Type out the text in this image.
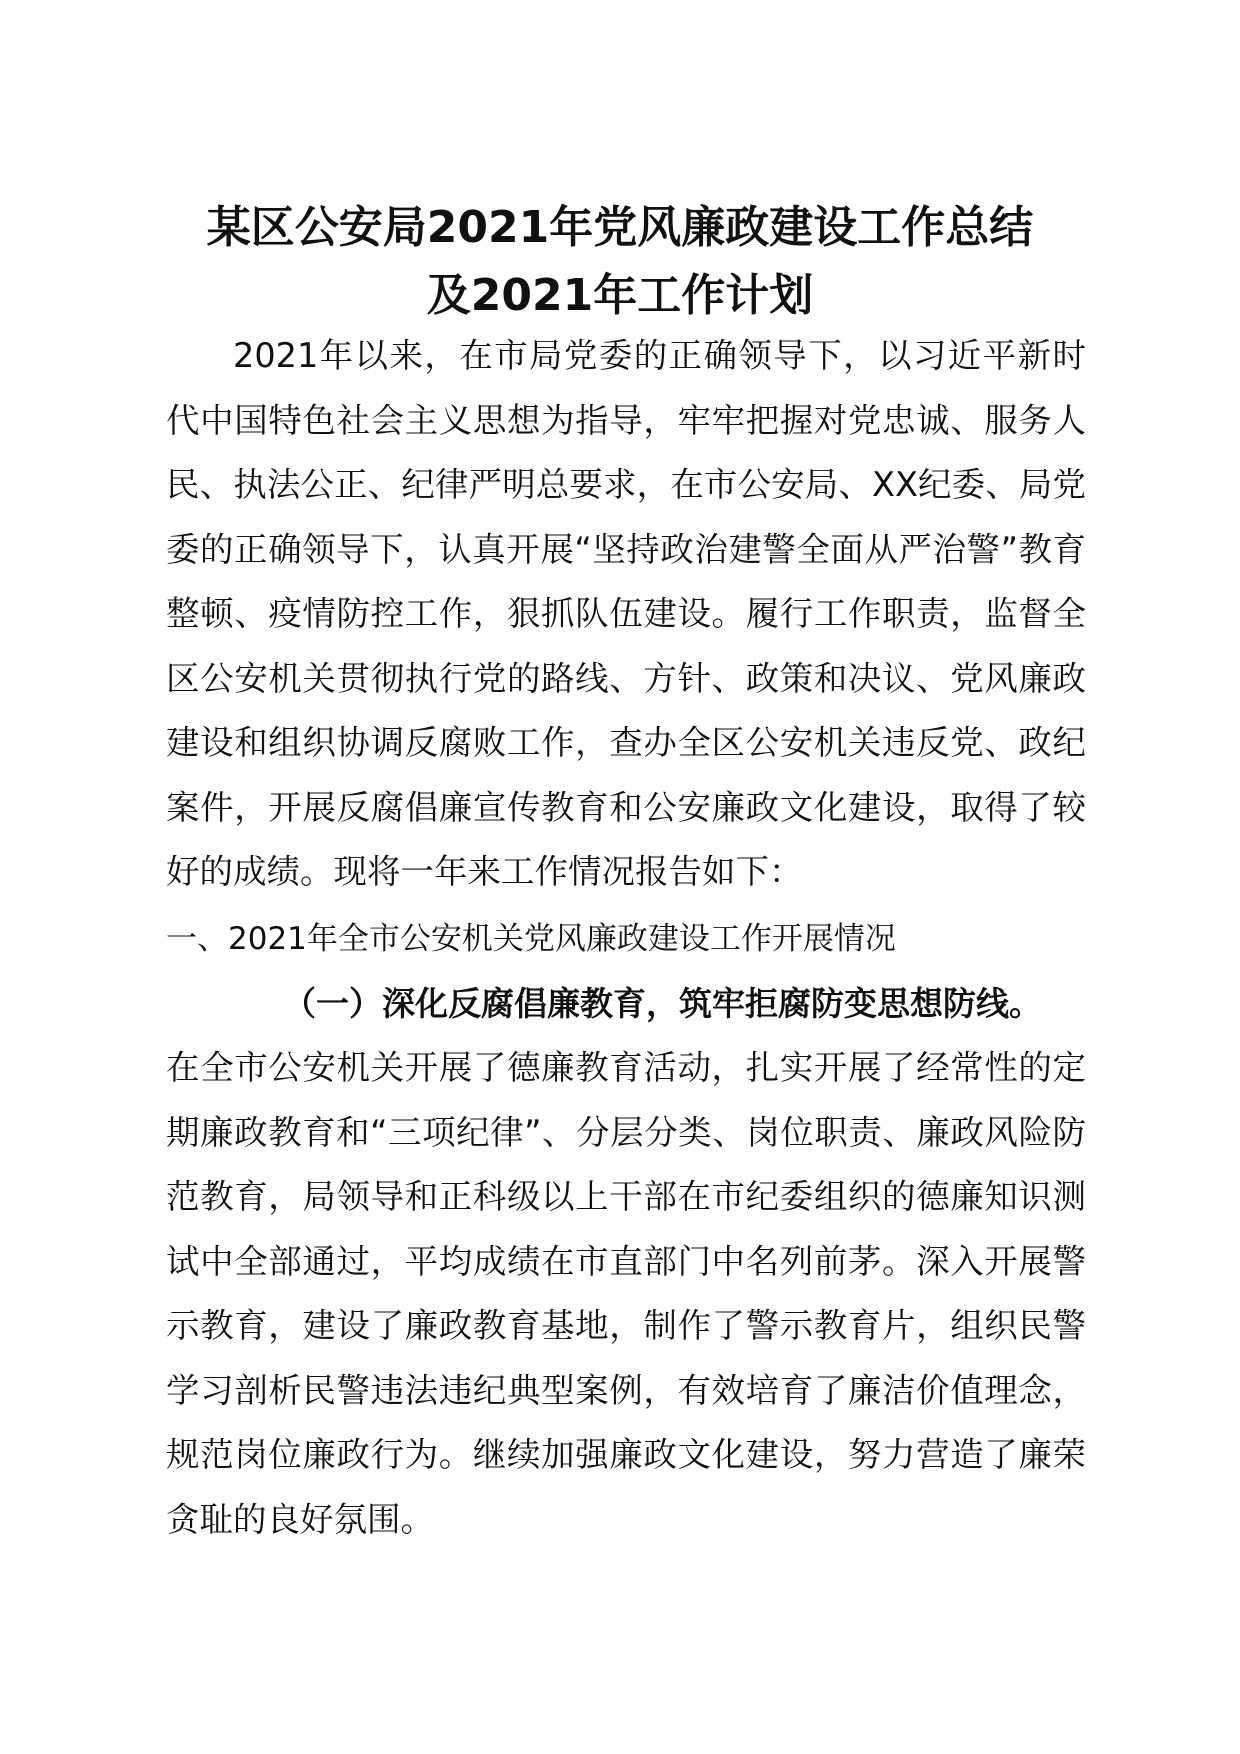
某区公安局2021年党风廉政建设工作总结
及2021年工作计划

2021年以来，在市局党委的正确领导下，以习近平新时代中国特色社会主义思想为指导，牢牢把握对党忠诚、服务人民、执法公正、纪律严明总要求，在市公安局、XX纪委、局党委的正确领导下，认真开展“坚持政治建警全面从严治警”教育整顿、疫情防控工作，狠抓队伍建设。履行工作职责，监督全区公安机关贯彻执行党的路线、方针、政策和决议、党风廉政建设和组织协调反腐败工作，查办全区公安机关违反党、政纪案件，开展反腐倡廉宣传教育和公安廉政文化建设，取得了较好的成绩。现将一年来工作情况报告如下：

一、2021年全市公安机关党风廉政建设工作开展情况

（一）深化反腐倡廉教育，筑牢拒腐防变思想防线。

在全市公安机关开展了德廉教育活动，扎实开展了经常性的定期廉政教育和“三项纪律”、分层分类、岗位职责、廉政风险防范教育，局领导和正科级以上干部在市纪委组织的德廉知识测试中全部通过，平均成绩在市直部门中名列前茅。深入开展警示教育，建设了廉政教育基地，制作了警示教育片，组织民警学习剖析民警违法违纪典型案例，有效培育了廉洁价值理念，规范岗位廉政行为。继续加强廉政文化建设，努力营造了廉荣贪耻的良好氛围。
